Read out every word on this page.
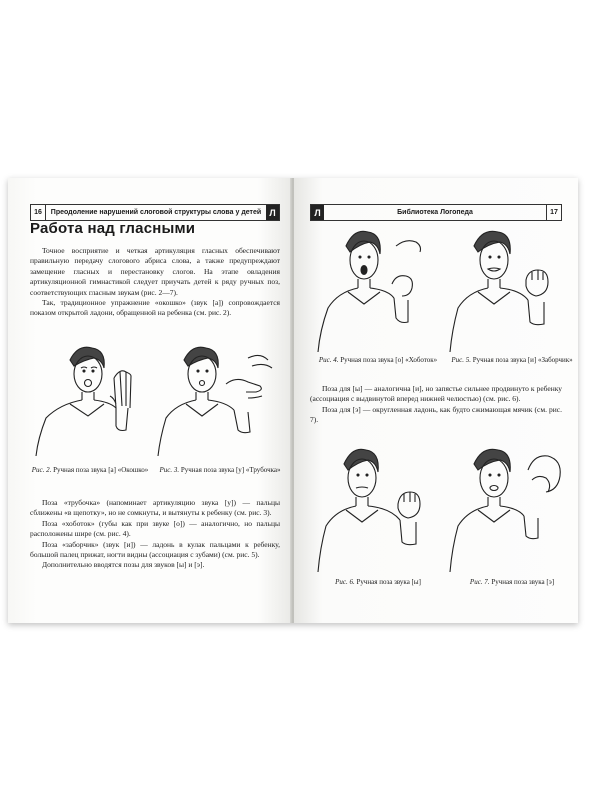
16	Преодоление нарушений слоговой структуры слова у детей Л
Работа над гласными

Точное восприятие и четкая артикуляция гласных обеспечивают правильную передачу слогового абриса слова, а также предупреждают замещение гласных и перестановку слогов. На этапе овладения артикуляционной гимнастикой следует приучать детей к ряду ручных поз, соответствующих гласным звукам (рис. 2—7).

Так, традиционное упражнение «окошко» (звук [а]) сопровождается показом открытой ладони, обращенной на ребенка (см. рис. 2).

Рис. 2. Ручная поза звука [а] «Окошко» Рис. 3. Ручная поза звука [у] «Трубочка»

Поза «трубочка» (напоминает артикуляцию звука [у]) — пальцы сближены «в щепотку», но не сомкнуты, и вытянуты к ребенку (см. рис. 3).

Поза «хоботок» (губы как при звуке [о]) — аналогично, но пальцы расположены шире (см. рис. 4).

Поза «заборчик» (звук [и]) — ладонь в кулак пальцами к ребенку, большой палец прижат, ногти видны (ассоциация с зубами) (см. рис. 5).

Дополнительно вводятся позы для звуков [ы] и [э].

Л	Библиотека Логопеда	17
Рис. 4. Ручная поза звука [о] «Хоботок»	Рис. 5. Ручная поза звука [и] «Заборчик»

Поза для [ы] — аналогична [и], но запястье сильнее продвинуто к ребенку (ассоциация с выдвинутой вперед нижней челюстью) (см. рис. 6).

Поза для [э] — округленная ладонь, как будто сжимающая мячик (см. рис. 7).

Рис. 6. Ручная поза звука [ы]	Рис. 7. Ручная поза звука [э]
